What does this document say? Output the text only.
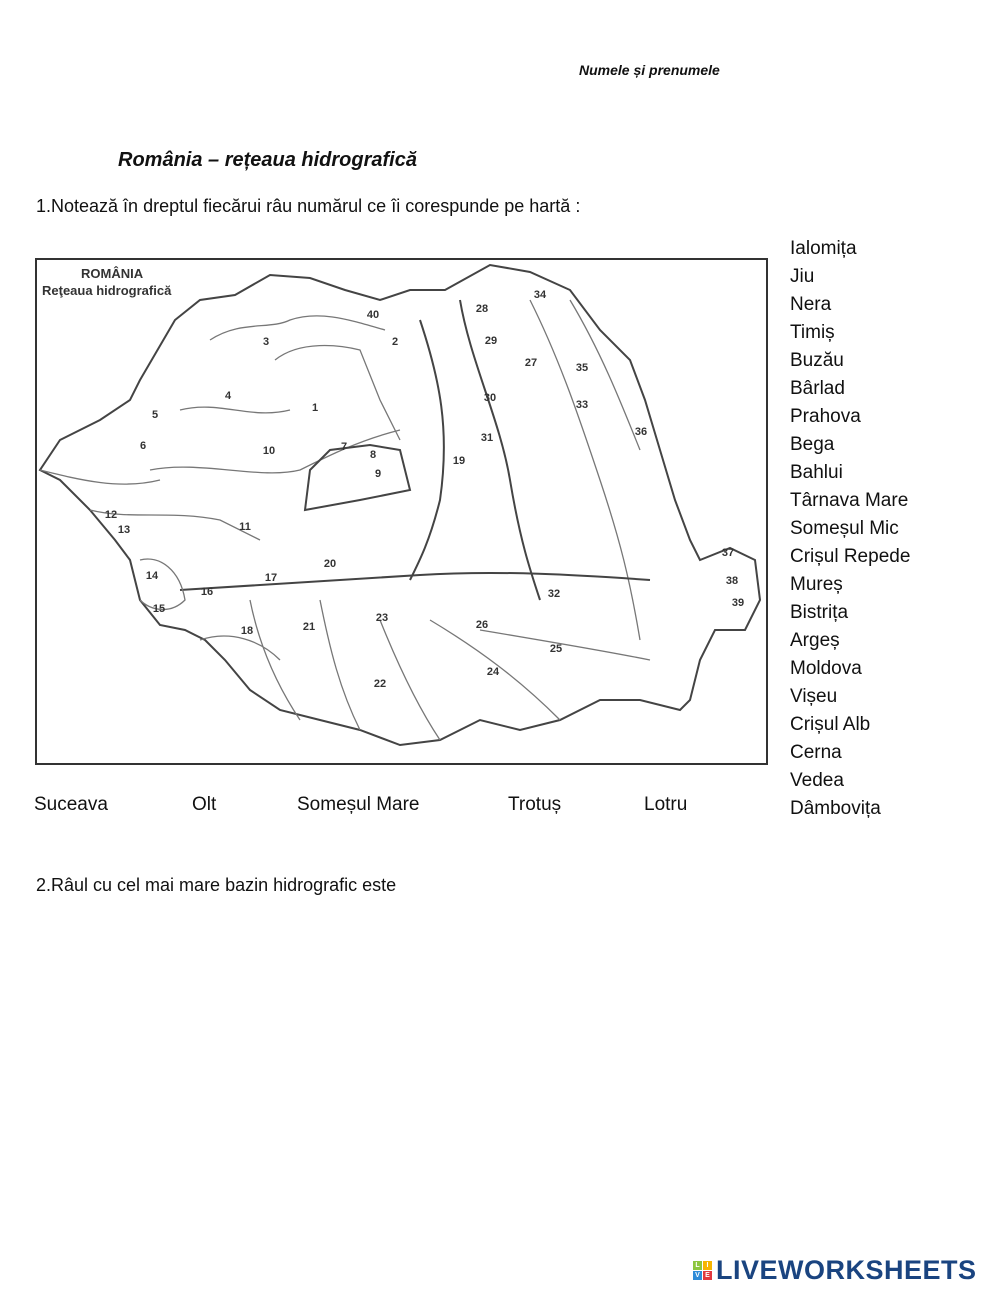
Numele și prenumele
România – rețeaua hidrografică
1.Notează în dreptul fiecărui râu numărul ce îi corespunde pe hartă :
ROMÂNIA
Reţeaua hidrografică
40
2
3
4
1
5
6	10	7
8
9
28
34
29
27	35
30
33
36
31
19
12
13	11
20
17
14
16
15
18	21
23
26
32
25
24
22
37
38
39
Ialomița
Jiu
Nera
Timiș
Buzău
Bârlad
Prahova
Bega
Bahlui
Târnava Mare
Someșul Mic
Crișul Repede
Mureș
Bistrița
Argeș
Moldova
Vișeu
Crișul Alb
Cerna
Vedea
Dâmbovița
Suceava	Olt	Someșul Mare	Trotuș	Lotru
2.Râul cu cel mai mare bazin hidrografic este
L I
V E LIVEWORKSHEETS
